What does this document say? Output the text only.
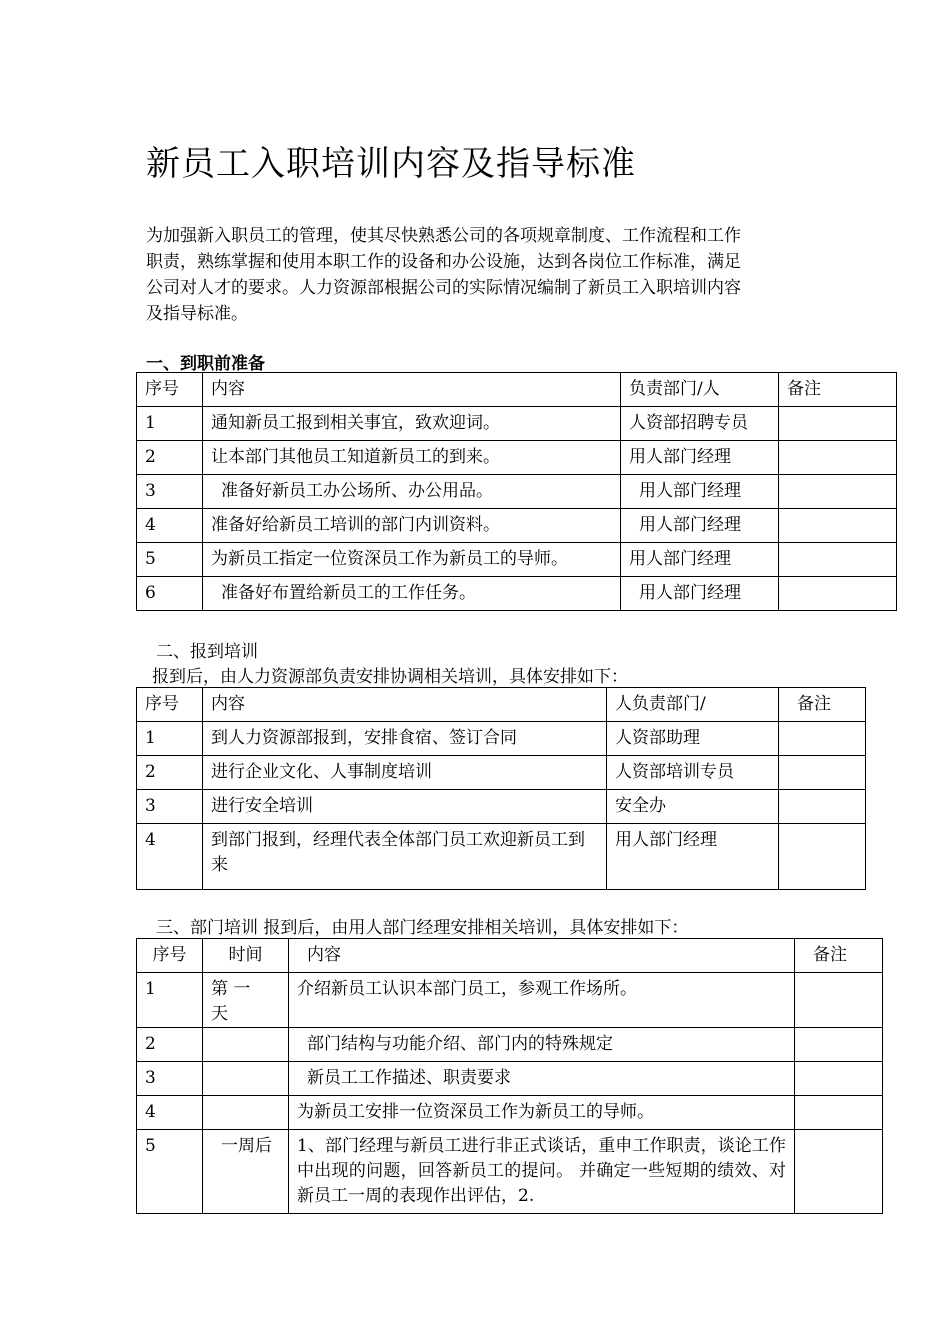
新员工入职培训内容及指导标准
为加强新入职员工的管理，使其尽快熟悉公司的各项规章制度、工作流程和工作
职责，熟练掌握和使用本职工作的设备和办公设施，达到各岗位工作标准，满足
公司对人才的要求。人力资源部根据公司的实际情况编制了新员工入职培训内容
及指导标准。
一、到职前准备
序号	内容	负责部门/人	备注
1	通知新员工报到相关事宜，致欢迎词。	人资部招聘专员	
2	让本部门其他员工知道新员工的到来。	用人部门经理	
3	准备好新员工办公场所、办公用品。	用人部门经理	
4	准备好给新员工培训的部门内训资料。	用人部门经理	
5	为新员工指定一位资深员工作为新员工的导师。	用人部门经理	
6	准备好布置给新员工的工作任务。	用人部门经理	
二、报到培训
报到后，由人力资源部负责安排协调相关培训，具体安排如下：
序号	内容	人负责部门/	备注
1	到人力资源部报到，安排食宿、签订合同	人资部助理	
2	进行企业文化、人事制度培训	人资部培训专员	
3	进行安全培训	安全办	
4	到部门报到，经理代表全体部门员工欢迎新员工到来	用人部门经理	
三、部门培训 报到后，由用人部门经理安排相关培训，具体安排如下：
序号	时间	内容	备注
1	第 一 天	介绍新员工认识本部门员工，参观工作场所。	
2		部门结构与功能介绍、部门内的特殊规定	
3		新员工工作描述、职责要求	
4		为新员工安排一位资深员工作为新员工的导师。	
5	一周后	1、部门经理与新员工进行非正式谈话，重申工作职责，谈论工作中出现的问题，回答新员工的提问。 并确定一些短期的绩效、对新员工一周的表现作出评估，2.	
